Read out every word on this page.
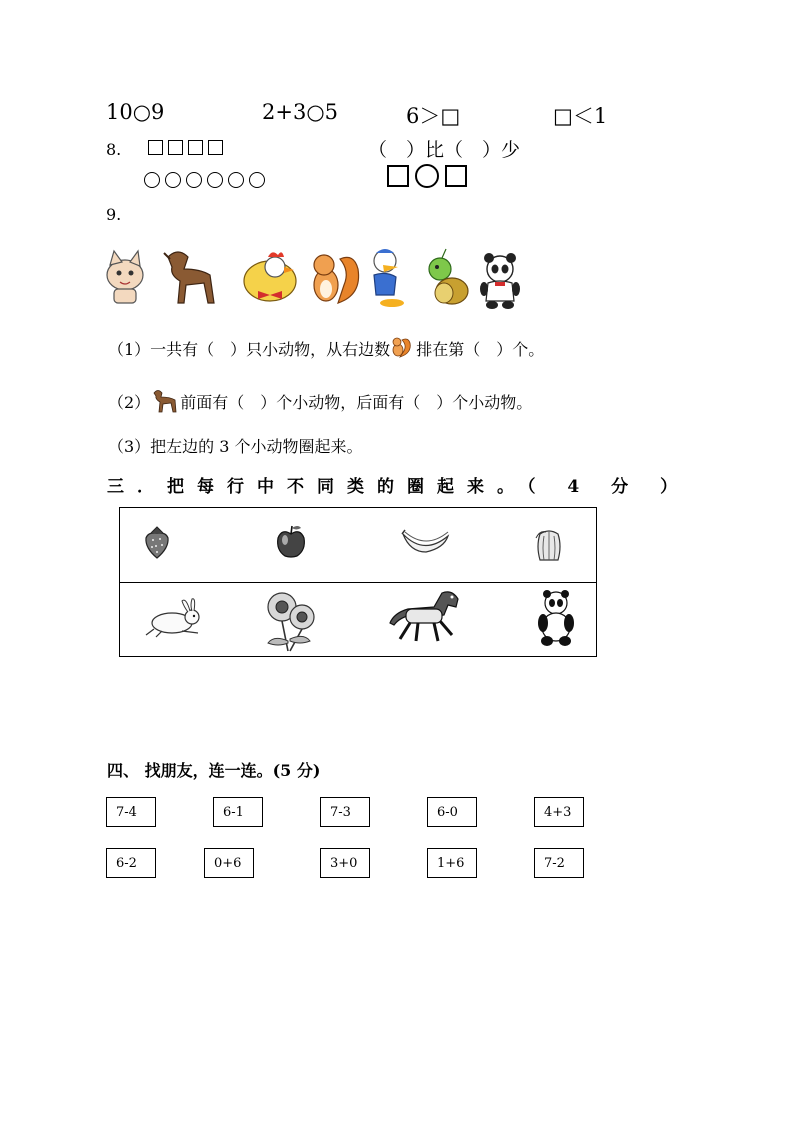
10○9	2+3○5	6＞□	□＜1
8.	（　）比（　）少
9.
（1）一共有（　）只小动物，从右边数 排在第（　）个。
（2） 前面有（　）个小动物，后面有（　）个小动物。
（3）把左边的 3 个小动物圈起来。
三．把每行中不同类的圈起来。（ 4 分 ）
四、 找朋友，连一连。(5 分)
7-4	6-1	7-3	6-0	4+3
6-2	0+6	3+0	1+6	7-2
